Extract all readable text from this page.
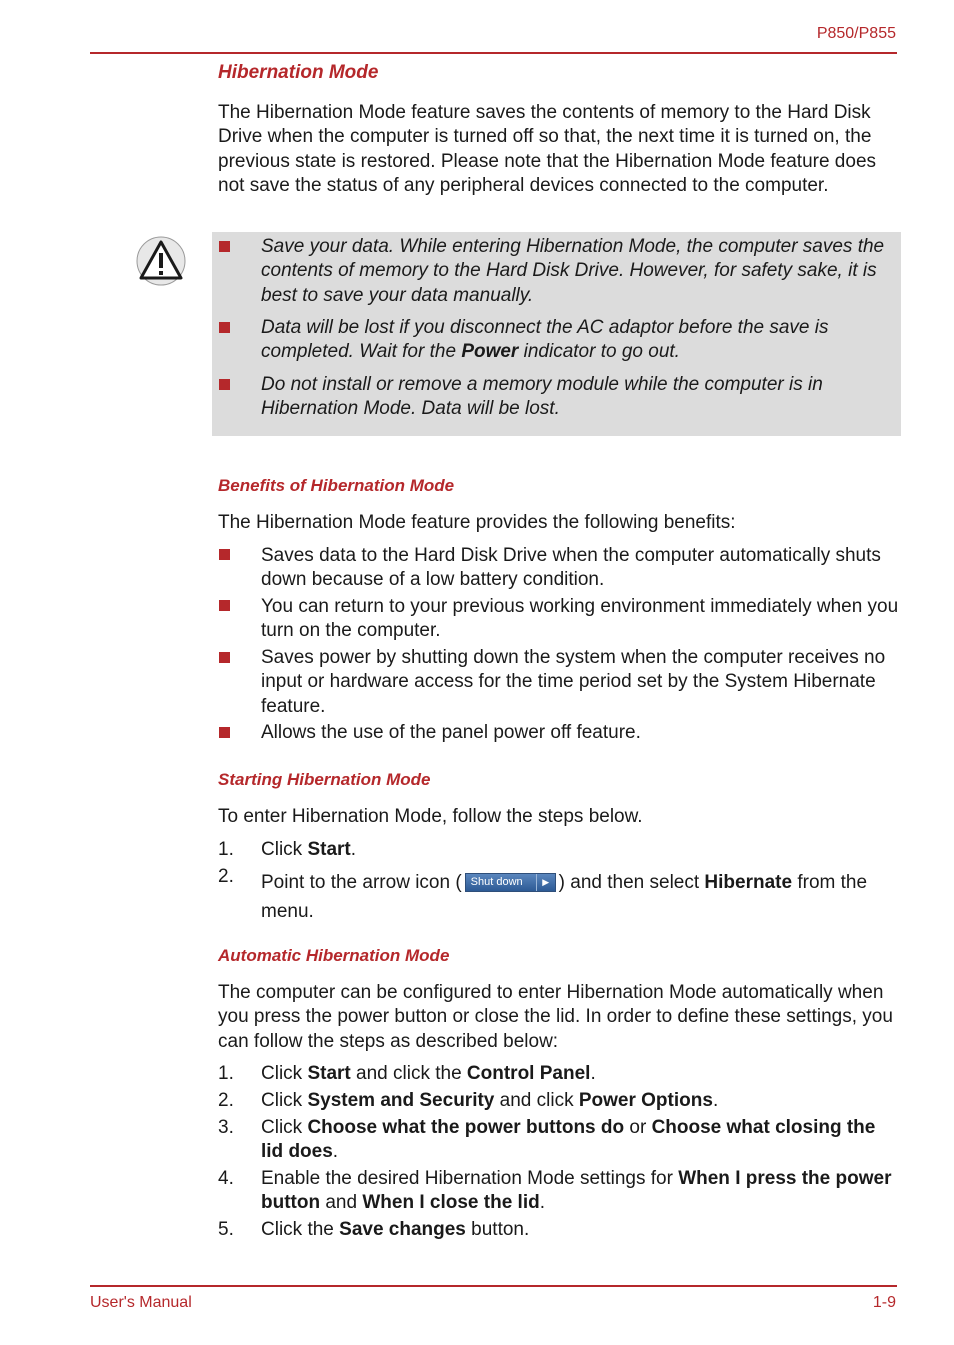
P850/P855
Hibernation Mode
The Hibernation Mode feature saves the contents of memory to the Hard Disk Drive when the computer is turned off so that, the next time it is turned on, the previous state is restored. Please note that the Hibernation Mode feature does not save the status of any peripheral devices connected to the computer.
Save your data. While entering Hibernation Mode, the computer saves the contents of memory to the Hard Disk Drive. However, for safety sake, it is best to save your data manually.
Data will be lost if you disconnect the AC adaptor before the save is completed. Wait for the Power indicator to go out.
Do not install or remove a memory module while the computer is in Hibernation Mode. Data will be lost.
Benefits of Hibernation Mode
The Hibernation Mode feature provides the following benefits:
Saves data to the Hard Disk Drive when the computer automatically shuts down because of a low battery condition.
You can return to your previous working environment immediately when you turn on the computer.
Saves power by shutting down the system when the computer receives no input or hardware access for the time period set by the System Hibernate feature.
Allows the use of the panel power off feature.
Starting Hibernation Mode
To enter Hibernation Mode, follow the steps below.
1. Click Start.
2. Point to the arrow icon ( Shut down	▶ ) and then select Hibernate from the menu.
Automatic Hibernation Mode
The computer can be configured to enter Hibernation Mode automatically when you press the power button or close the lid. In order to define these settings, you can follow the steps as described below:
1. Click Start and click the Control Panel.
2. Click System and Security and click Power Options.
3. Click Choose what the power buttons do or Choose what closing the lid does.
4. Enable the desired Hibernation Mode settings for When I press the power button and When I close the lid.
5. Click the Save changes button.
User's Manual	1-9
